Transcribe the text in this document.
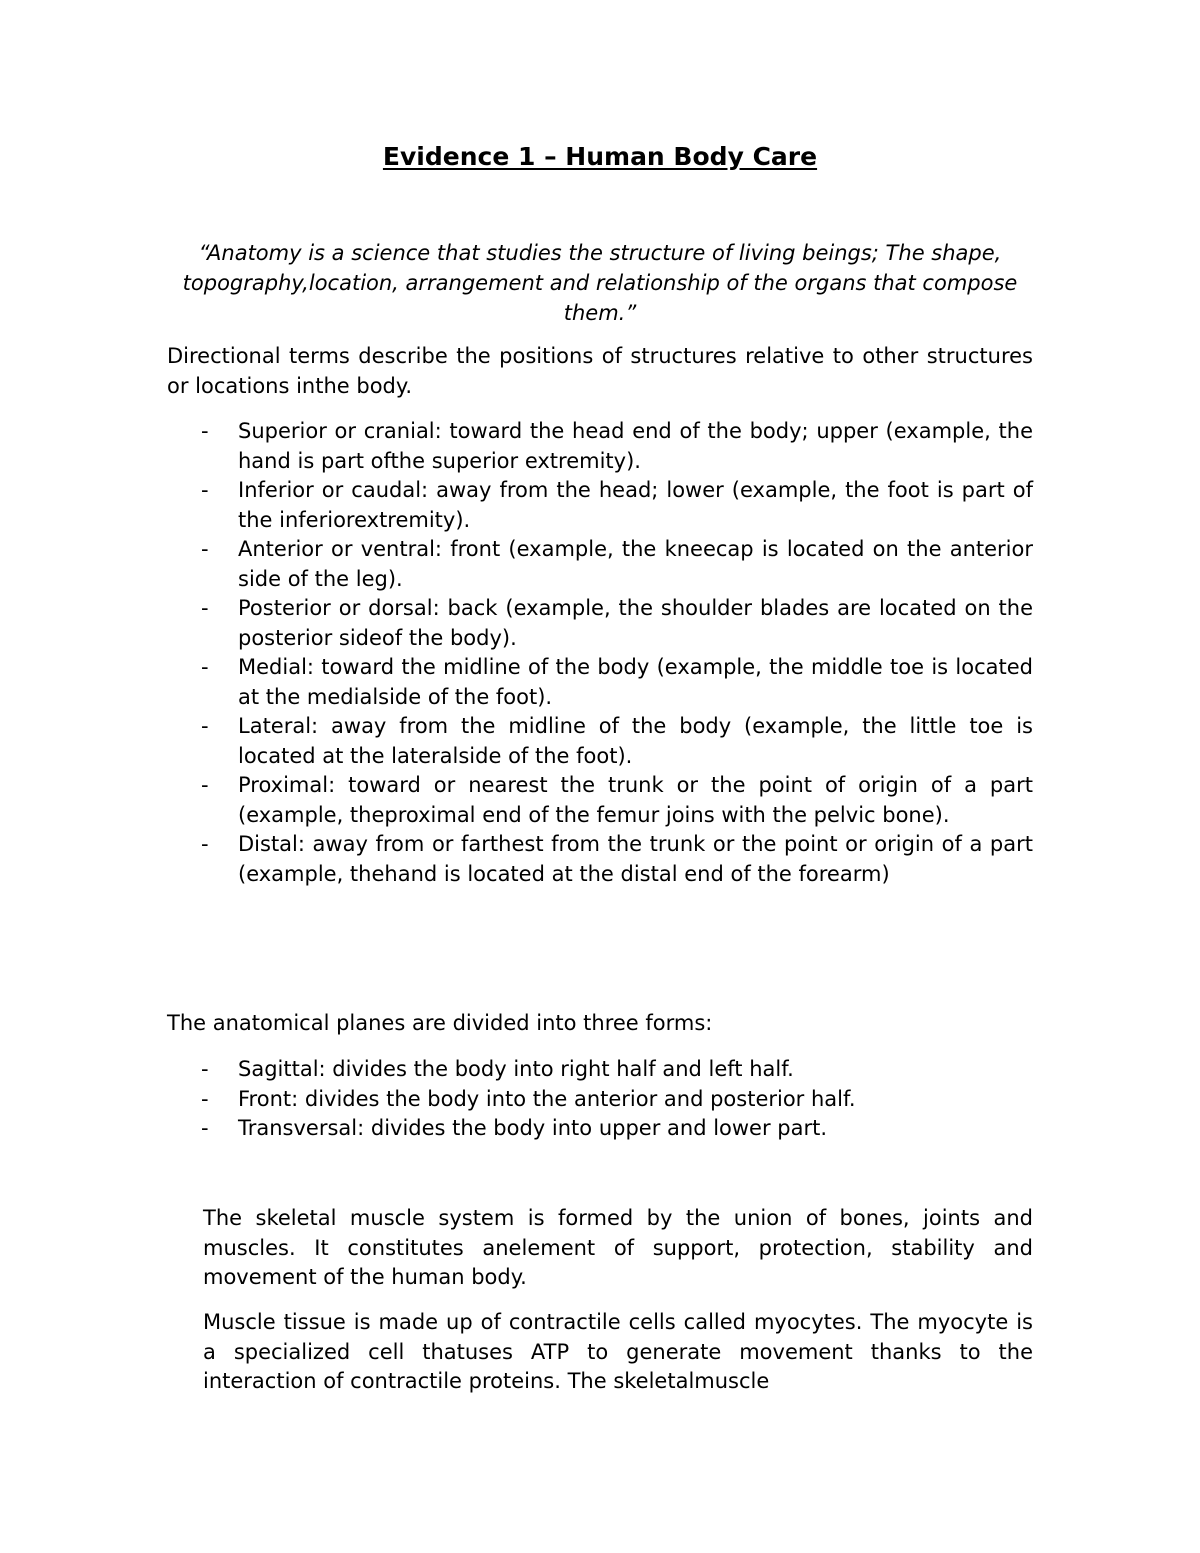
Evidence 1 – Human Body Care

“Anatomy is a science that studies the structure of living beings; The shape, topography,location, arrangement and relationship of the organs that compose them.”

Directional terms describe the positions of structures relative to other structures or locations inthe body.

- Superior or cranial: toward the head end of the body; upper (example, the hand is part ofthe superior extremity).
- Inferior or caudal: away from the head; lower (example, the foot is part of the inferiorextremity).
- Anterior or ventral: front (example, the kneecap is located on the anterior side of the leg).
- Posterior or dorsal: back (example, the shoulder blades are located on the posterior sideof the body).
- Medial: toward the midline of the body (example, the middle toe is located at the medialside of the foot).
- Lateral: away from the midline of the body (example, the little toe is located at the lateralside of the foot).
- Proximal: toward or nearest the trunk or the point of origin of a part (example, theproximal end of the femur joins with the pelvic bone).
- Distal: away from or farthest from the trunk or the point or origin of a part (example, thehand is located at the distal end of the forearm)

The anatomical planes are divided into three forms:

- Sagittal: divides the body into right half and left half.
- Front: divides the body into the anterior and posterior half.
- Transversal: divides the body into upper and lower part.

The skeletal muscle system is formed by the union of bones, joints and muscles. It constitutes anelement of support, protection, stability and movement of the human body.

Muscle tissue is made up of contractile cells called myocytes. The myocyte is a specialized cell thatuses ATP to generate movement thanks to the interaction of contractile proteins. The skeletalmuscle
